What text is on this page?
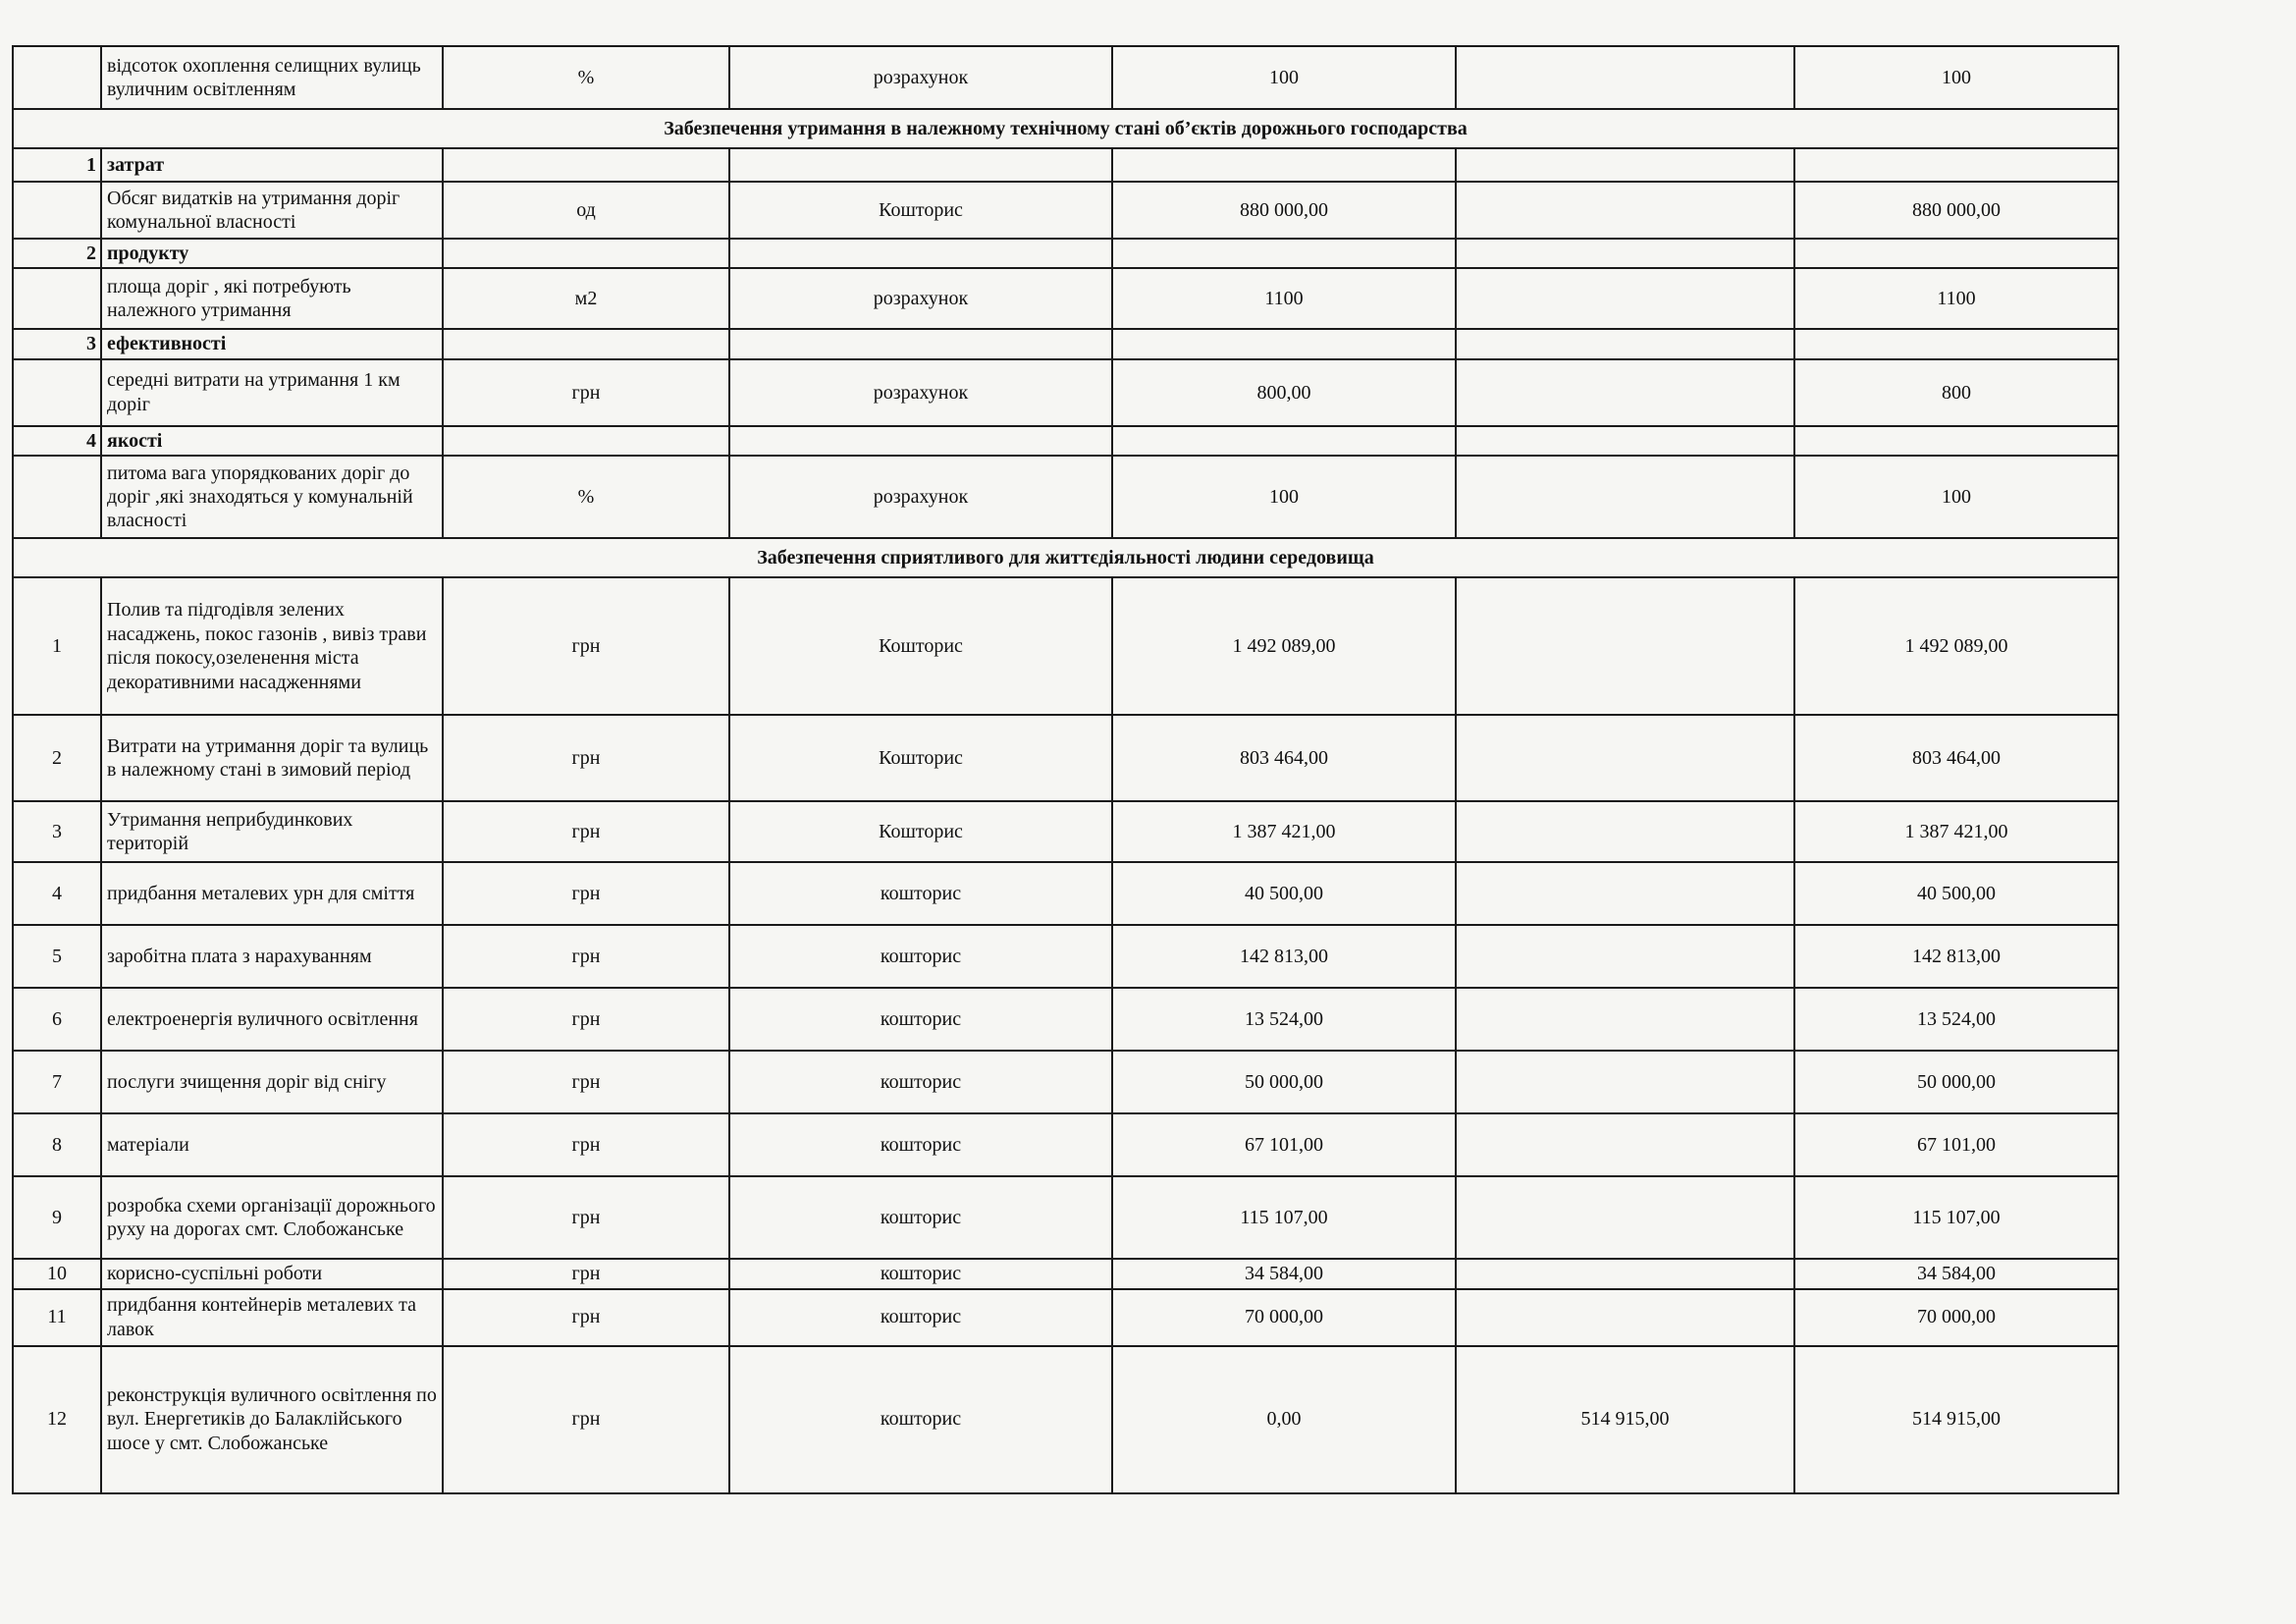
	відсоток охоплення селищних вулиць вуличним освітленням	%	розрахунок	100		100
Забезпечення утримання в належному технічному стані об’єктів дорожнього господарства						
1	затрат					
	Обсяг видатків на утримання доріг комунальної власності	од	Кошторис	880 000,00		880 000,00
2	продукту					
	площа доріг , які потребують належного утримання	м2	розрахунок	1100		1100
3	ефективності					
	середні витрати на утримання 1 км доріг	грн	розрахунок	800,00		800
4	якості					
	питома вага упорядкованих доріг до доріг ,які знаходяться у комунальній власності	%	розрахунок	100		100
Забезпечення сприятливого для життєдіяльності людини середовища						
1	Полив та підгодівля зелених насаджень, покос газонів , вивіз трави після покосу,озеленення міста декоративними насадженнями	грн	Кошторис	1 492 089,00		1 492 089,00
2	Витрати на утримання доріг та вулиць в належному стані в зимовий період	грн	Кошторис	803 464,00		803 464,00
3	Утримання неприбудинкових територій	грн	Кошторис	1 387 421,00		1 387 421,00
4	придбання металевих урн для сміття	грн	кошторис	40 500,00		40 500,00
5	заробітна плата з нарахуванням	грн	кошторис	142 813,00		142 813,00
6	електроенергія вуличного освітлення	грн	кошторис	13 524,00		13 524,00
7	послуги зчищення доріг від снігу	грн	кошторис	50 000,00		50 000,00
8	матеріали	грн	кошторис	67 101,00		67 101,00
9	розробка схеми організації дорожнього руху на дорогах смт. Слобожанське	грн	кошторис	115 107,00		115 107,00
10	корисно-суспільні роботи	грн	кошторис	34 584,00		34 584,00
11	придбання контейнерів металевих та лавок	грн	кошторис	70 000,00		70 000,00
12	реконструкція вуличного освітлення по вул. Енергетиків до Балаклійського шосе у смт. Слобожанське	грн	кошторис	0,00	514 915,00	514 915,00
